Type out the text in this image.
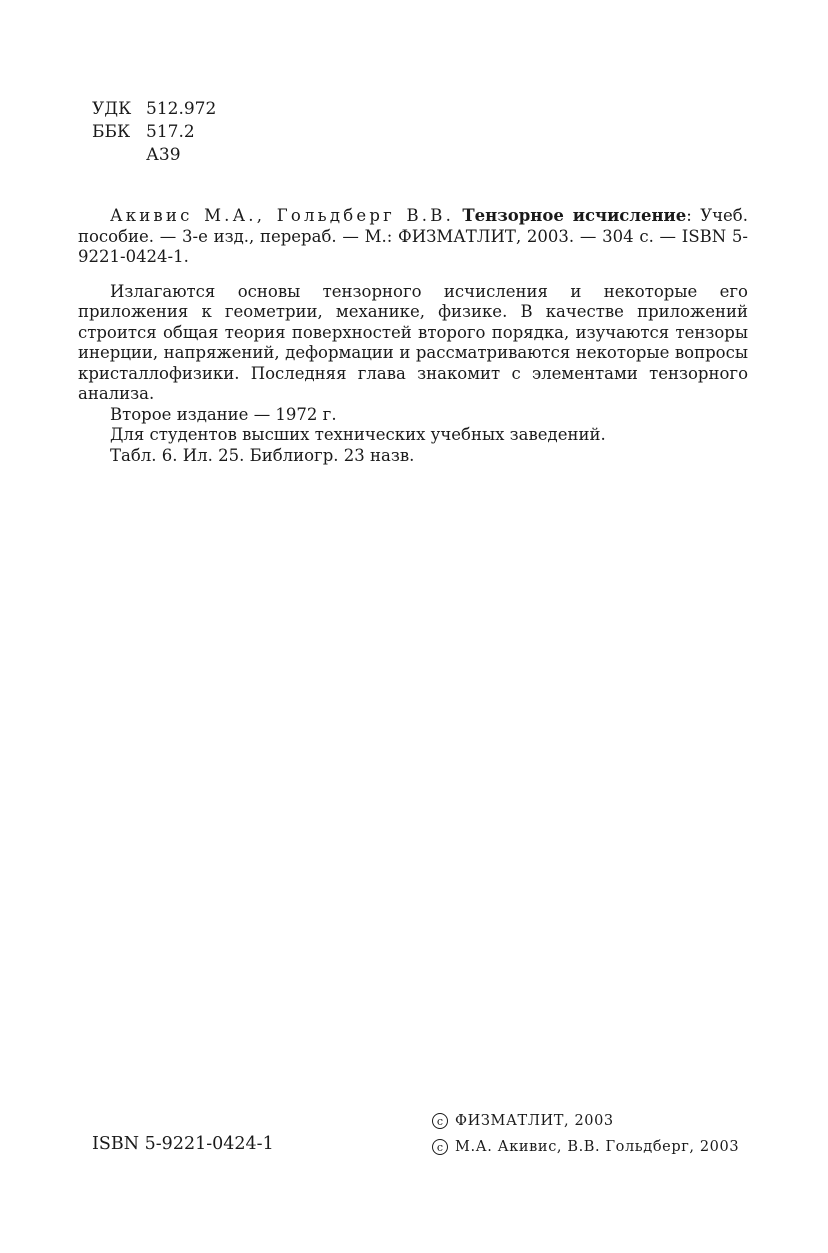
УДК 512.972
ББК 517.2
А39

Акивис М.А., Гольдберг В.В. Тензорное исчисление: Учеб. пособие. — 3-е изд., перераб. — М.: ФИЗМАТЛИТ, 2003. — 304 с. — ISBN 5-9221-0424-1.

Излагаются основы тензорного исчисления и некоторые его приложения к геометрии, механике, физике. В качестве приложений строится общая теория поверхностей второго порядка, изучаются тензоры инерции, напряжений, деформации и рассматриваются некоторые вопросы кристаллофизики. Последняя глава знакомит с элементами тензорного анализа.

Второе издание — 1972 г.

Для студентов высших технических учебных заведений.

Табл. 6. Ил. 25. Библиогр. 23 назв.

ISBN 5-9221-0424-1
c ФИЗМАТЛИТ, 2003
c М.А. Акивис, В.В. Гольдберг, 2003
